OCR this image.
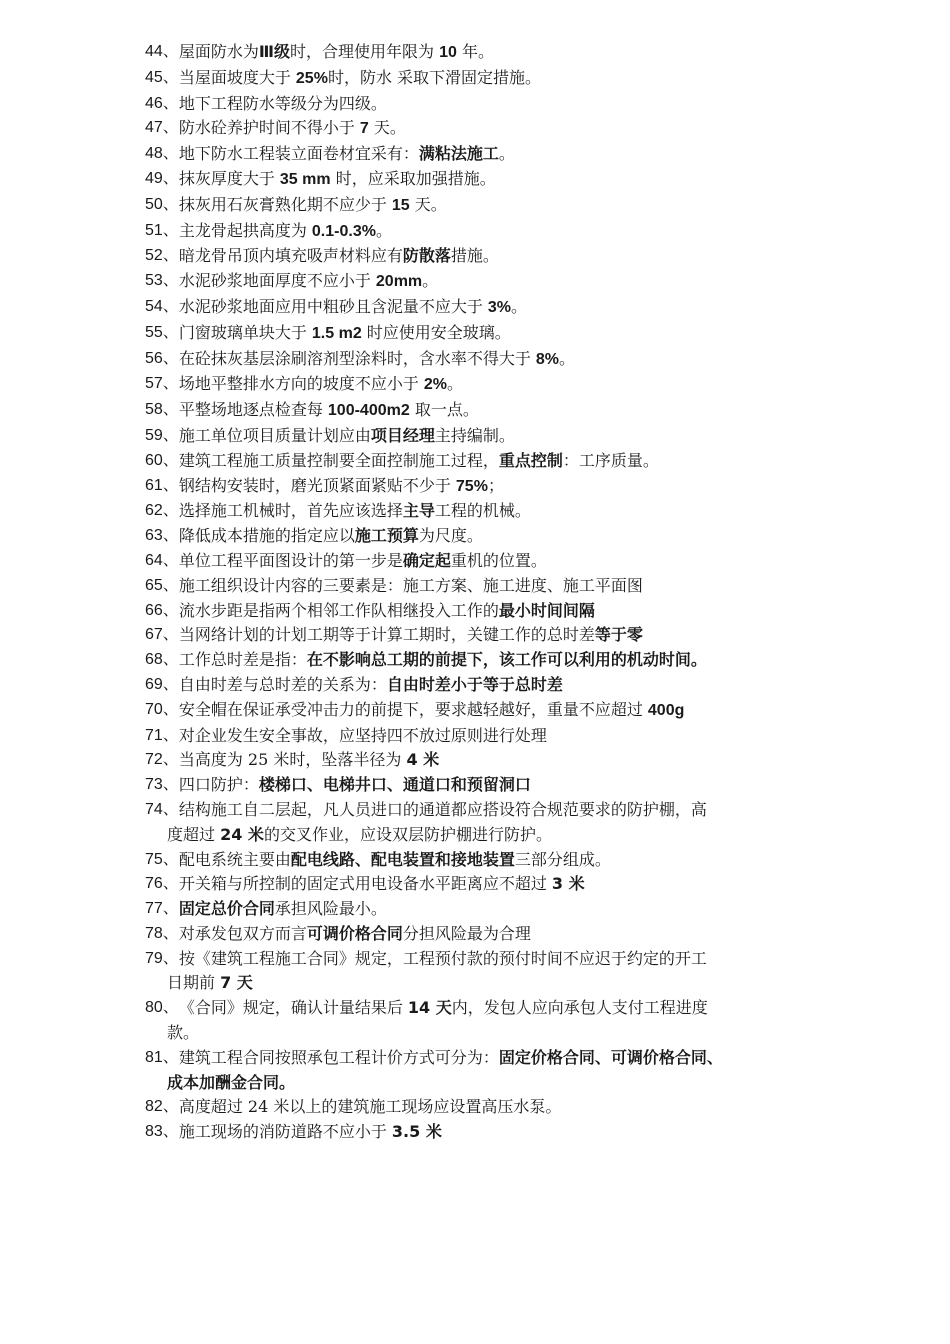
44、 屋面防水为Ⅲ级时，合理使用年限为 10 年。
45、 当屋面坡度大于 25%时，防水 采取下滑固定措施。
46、 地下工程防水等级分为四级。
47、 防水砼养护时间不得小于 7 天。
48、 地下防水工程装立面卷材宜采有：满粘法施工。
49、 抹灰厚度大于 35 mm 时，应采取加强措施。
50、 抹灰用石灰膏熟化期不应少于 15 天。
51、 主龙骨起拱高度为 0.1-0.3%。
52、 暗龙骨吊顶内填充吸声材料应有防散落措施。
53、 水泥砂浆地面厚度不应小于 20mm。
54、 水泥砂浆地面应用中粗砂且含泥量不应大于 3%。
55、 门窗玻璃单块大于 1.5 m2 时应使用安全玻璃。
56、 在砼抹灰基层涂刷溶剂型涂料时，含水率不得大于 8%。
57、 场地平整排水方向的坡度不应小于 2%。
58、 平整场地逐点检查每 100-400m2 取一点。
59、 施工单位项目质量计划应由项目经理主持编制。
60、 建筑工程施工质量控制要全面控制施工过程，重点控制：工序质量。
61、 钢结构安装时，磨光顶紧面紧贴不少于 75%；
62、 选择施工机械时，首先应该选择主导工程的机械。
63、 降低成本措施的指定应以施工预算为尺度。
64、 单位工程平面图设计的第一步是确定起重机的位置。
65、 施工组织设计内容的三要素是：施工方案、施工进度、施工平面图
66、 流水步距是指两个相邻工作队相继投入工作的最小时间间隔
67、 当网络计划的计划工期等于计算工期时，关键工作的总时差等于零
68、 工作总时差是指：在不影响总工期的前提下，该工作可以利用的机动时间。
69、 自由时差与总时差的关系为：自由时差小于等于总时差
70、 安全帽在保证承受冲击力的前提下，要求越轻越好，重量不应超过 400g
71、 对企业发生安全事故，应坚持四不放过原则进行处理
72、 当高度为 25 米时，坠落半径为 4 米
73、 四口防护：楼梯口、电梯井口、通道口和预留洞口
74、 结构施工自二层起，凡人员进口的通道都应搭设符合规范要求的防护棚，高
度超过 24 米的交叉作业，应设双层防护棚进行防护。
75、 配电系统主要由配电线路、配电装置和接地装置三部分组成。
76、 开关箱与所控制的固定式用电设备水平距离应不超过 3 米
77、 固定总价合同承担风险最小。
78、 对承发包双方而言可调价格合同分担风险最为合理
79、 按《建筑工程施工合同》规定，工程预付款的预付时间不应迟于约定的开工
日期前 7 天
80、 《合同》规定，确认计量结果后 14 天内，发包人应向承包人支付工程进度
款。
81、 建筑工程合同按照承包工程计价方式可分为：固定价格合同、可调价格合同、
成本加酬金合同。
82、 高度超过 24 米以上的建筑施工现场应设置高压水泵。
83、 施工现场的消防道路不应小于 3.5 米
